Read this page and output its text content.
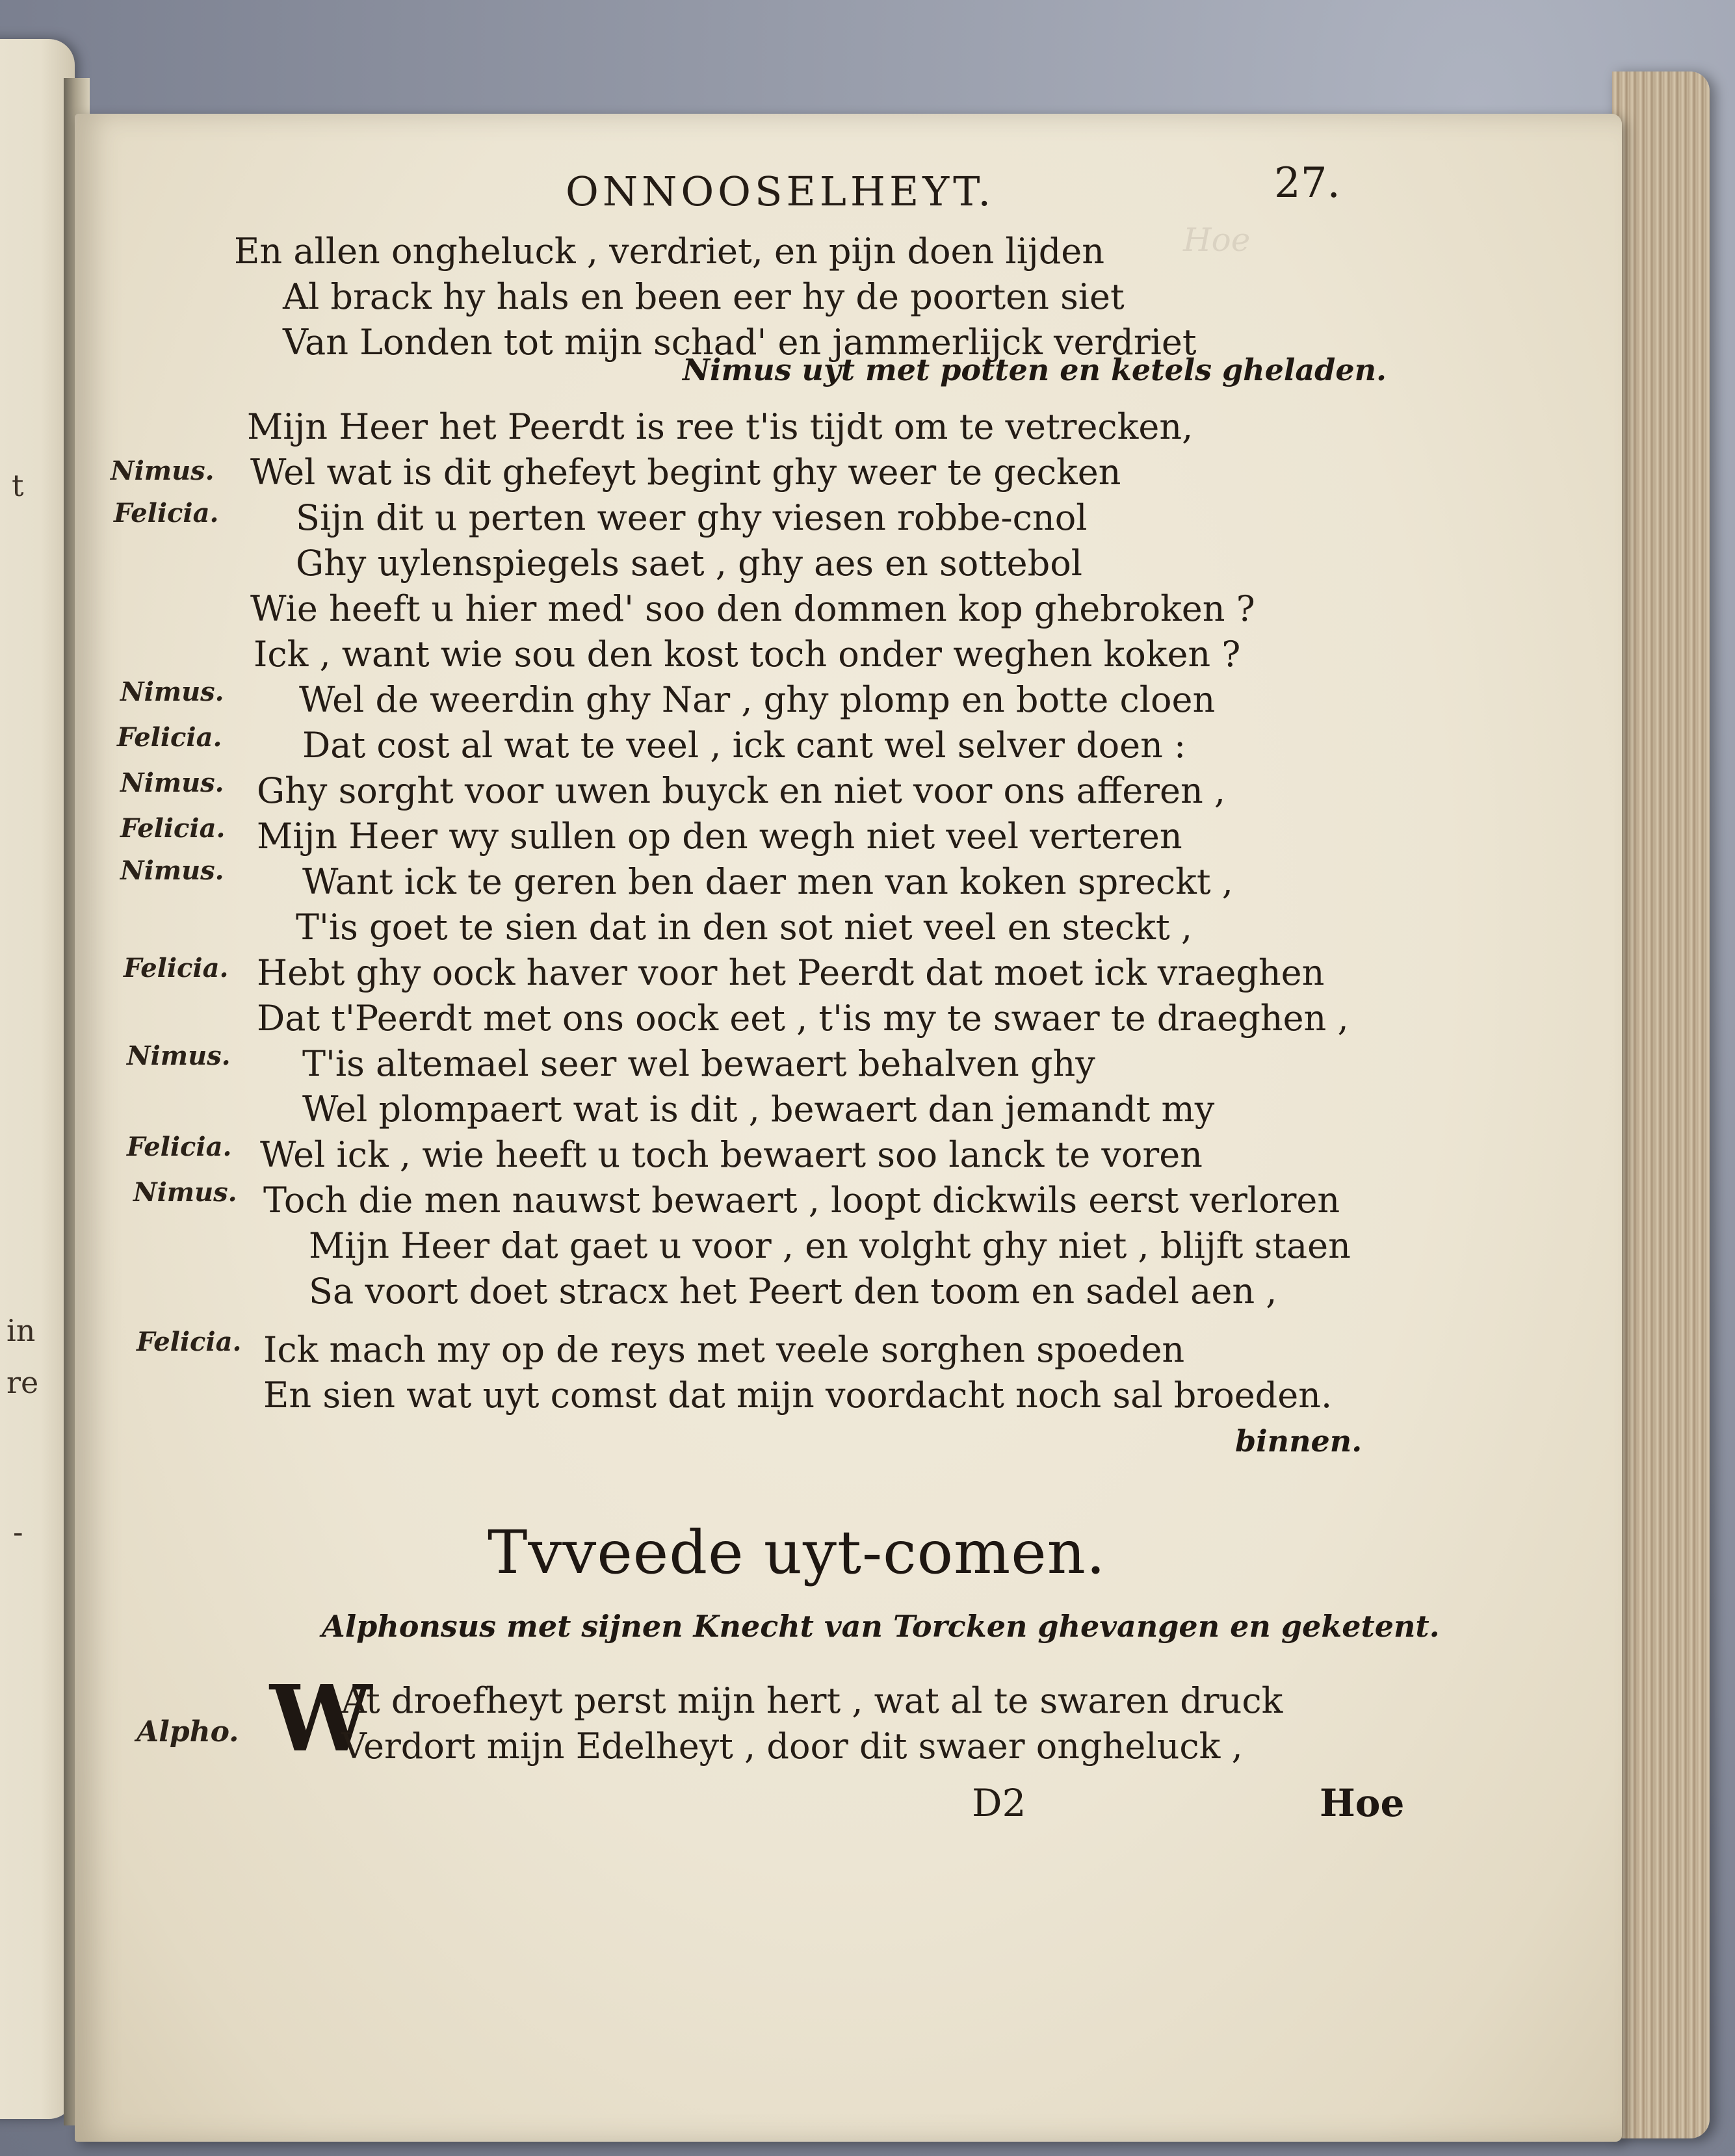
t
in
re
-
Hoe
ONNOOSELHEYT.	27.
En allen ongheluck , verdriet, en pijn doen lijden
Al brack hy hals en been eer hy de poorten siet
Van Londen tot mijn schad' en jammerlijck verdriet
Nimus uyt met potten en ketels gheladen.
Mijn Heer het Peerdt is ree t'is tijdt om te vetrecken,
Nimus. Wel wat is dit ghefeyt begint ghy weer te gecken
Felicia. Sijn dit u perten weer ghy viesen robbe-cnol
Ghy uylenspiegels saet , ghy aes en sottebol
Wie heeft u hier med' soo den dommen kop ghebroken ?
Ick , want wie sou den kost toch onder weghen koken ?
Nimus. Wel de weerdin ghy Nar , ghy plomp en botte cloen
Felicia. Dat cost al wat te veel , ick cant wel selver doen :
Nimus. Ghy sorght voor uwen buyck en niet voor ons afferen ,
Felicia. Mijn Heer wy sullen op den wegh niet veel verteren
Nimus. Want ick te geren ben daer men van koken spreckt ,
T'is goet te sien dat in den sot niet veel en steckt ,
Felicia. Hebt ghy oock haver voor het Peerdt dat moet ick vraeghen
Dat t'Peerdt met ons oock eet , t'is my te swaer te draeghen ,
Nimus. T'is altemael seer wel bewaert behalven ghy
Wel plompaert wat is dit , bewaert dan jemandt my
Felicia. Wel ick , wie heeft u toch bewaert soo lanck te voren
Nimus. Toch die men nauwst bewaert , loopt dickwils eerst verloren
Mijn Heer dat gaet u voor , en volght ghy niet , blijft staen
Sa voort doet stracx het Peert den toom en sadel aen ,
Felicia. Ick mach my op de reys met veele sorghen spoeden
En sien wat uyt comst dat mijn voordacht noch sal broeden.
binnen.
Tvveede uyt-comen.
Alphonsus met sijnen Knecht van Torcken ghevangen en geketent.
Alpho. W
At droefheyt perst mijn hert , wat al te swaren druck
Verdort mijn Edelheyt , door dit swaer ongheluck ,
D2	Hoe
